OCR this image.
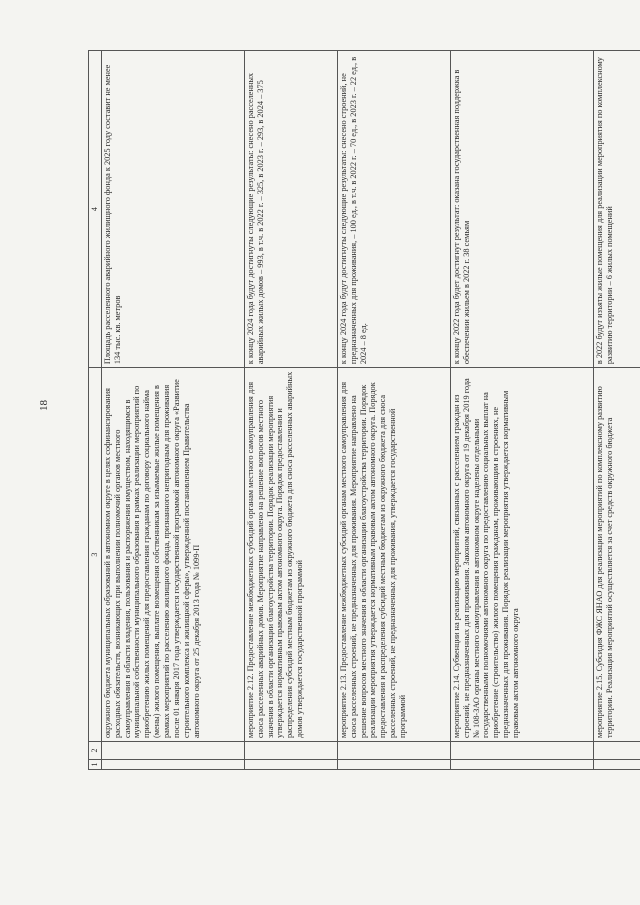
18
1	2	3	4
		окружного бюджета муниципальных образований в автономном округе в целях софинансирования расходных обязательств, возникающих при выполнении полномочий органов местного самоуправления в области владения, пользования и распоряжения имуществом, находящимся в муниципальной собственности муниципального образования в рамках реализации мероприятий по приобретению жилых помещений для предоставления гражданам по договору социального найма (мены) жилого помещения, выплате возмещения собственникам за изымаемые жилые помещения в рамках мероприятий по расселению жилищного фонда, признанного непригодным для проживания после 01 января 2017 года утверждается государственной программой автономного округа «Развитие строительного комплекса и жилищной сферы», утвержденной постановлением Правительства автономного округа от 25 декабря 2013 года № 1099-П	Площадь расселенного аварийного жилищного фонда к 2025 году составит не менее 134 тыс. кв. метров
		мероприятие 2.12. Предоставление межбюджетных субсидий органам местного самоуправления для сноса расселенных аварийных домов. Мероприятие направлено на решение вопросов местного значения в области организации благоустройства территории. Порядок реализации мероприятия утверждается нормативным правовым актом автономного округа. Порядок предоставления и распределения субсидий местным бюджетам из окружного бюджета для сноса расселенных аварийных домов утверждается государственной программой	к концу 2024 года будут достигнуты следующие результаты: снесено расселенных аварийных жилых домов – 993, в т.ч. в 2022 г. – 325, в 2023 г. – 293, в 2024 – 375
		мероприятие 2.13. Предоставление межбюджетных субсидий органам местного самоуправления для сноса расселенных строений, не предназначенных для проживания. Мероприятие направлено на решение вопросов местного значения в области организации благоустройства территории. Порядок реализации мероприятия утверждается нормативным правовым актом автономного округа. Порядок предоставления и распределения субсидий местным бюджетам из окружного бюджета для сноса расселенных строений, не предназначенных для проживания, утверждается государственной программой	к концу 2024 года будут достигнуты следующие результаты: снесено строений, не предназначенных для проживания, – 100 ед., в т.ч. в 2022 г. – 70 ед., в 2023 г. – 22 ед., в 2024 – 8 ед.
		мероприятие 2.14. Субвенции на реализацию мероприятий, связанных с расселением граждан из строений, не предназначенных для проживания. Законом автономного округа от 19 декабря 2019 года № 108-ЗАО органы местного самоуправления в автономном округе наделены отдельными государственными полномочиями автономного округа по предоставлению социальных выплат на приобретение (строительство) жилого помещения гражданам, проживающим в строениях, не предназначенных для проживания. Порядок реализации мероприятия утверждается нормативным правовым актом автономного округа	к концу 2022 года будет достигнут результат: оказана государственная поддержка в обеспечении жильем в 2022 г. 38 семьям
		мероприятие 2.15. Субсидия ФЖС ЯНАО для реализации мероприятий по комплексному развитию территории. Реализация мероприятий осуществляется за счет средств окружного бюджета	в 2022 будут изъяты жилые помещения для реализации мероприятия по комплексному развитию территории – 6 жилых помещений
